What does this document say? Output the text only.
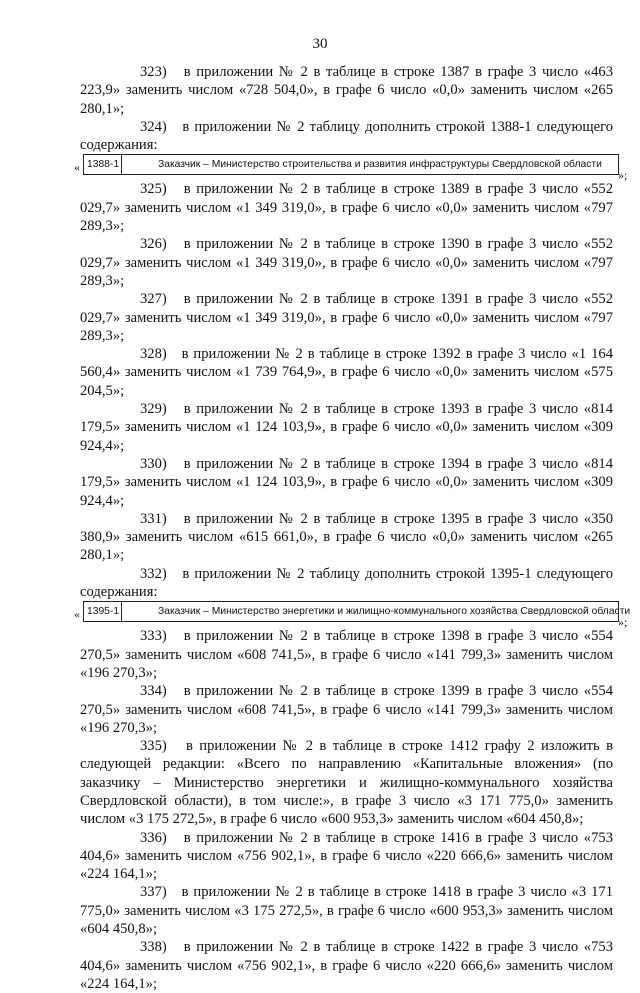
30

323)   в приложении № 2 в таблице в строке 1387 в графе 3 число «463 223,9» заменить числом «728 504,0», в графе 6 число «0,0» заменить числом «265 280,1»;

324)   в приложении № 2 таблицу дополнить строкой 1388-1 следующего содержания:

« 1388-1	Заказчик – Министерство строительства и развития инфраструктуры Свердловской области
»;

325)   в приложении № 2 в таблице в строке 1389 в графе 3 число «552 029,7» заменить числом «1 349 319,0», в графе 6 число «0,0» заменить числом «797 289,3»;

326)   в приложении № 2 в таблице в строке 1390 в графе 3 число «552 029,7» заменить числом «1 349 319,0», в графе 6 число «0,0» заменить числом «797 289,3»;

327)   в приложении № 2 в таблице в строке 1391 в графе 3 число «552 029,7» заменить числом «1 349 319,0», в графе 6 число «0,0» заменить числом «797 289,3»;

328)   в приложении № 2 в таблице в строке 1392 в графе 3 число «1 164 560,4» заменить числом «1 739 764,9», в графе 6 число «0,0» заменить числом «575 204,5»;

329)   в приложении № 2 в таблице в строке 1393 в графе 3 число «814 179,5» заменить числом «1 124 103,9», в графе 6 число «0,0» заменить числом «309 924,4»;

330)   в приложении № 2 в таблице в строке 1394 в графе 3 число «814 179,5» заменить числом «1 124 103,9», в графе 6 число «0,0» заменить числом «309 924,4»;

331)   в приложении № 2 в таблице в строке 1395 в графе 3 число «350 380,9» заменить числом «615 661,0», в графе 6 число «0,0» заменить числом «265 280,1»;

332)   в приложении № 2 таблицу дополнить строкой 1395-1 следующего содержания:

« 1395-1	Заказчик – Министерство энергетики и жилищно-коммунального хозяйства Свердловской области
»;

333)   в приложении № 2 в таблице в строке 1398 в графе 3 число «554 270,5» заменить числом «608 741,5», в графе 6 число «141 799,3» заменить числом «196 270,3»;

334)   в приложении № 2 в таблице в строке 1399 в графе 3 число «554 270,5» заменить числом «608 741,5», в графе 6 число «141 799,3» заменить числом «196 270,3»;

335)   в приложении № 2 в таблице в строке 1412 графу 2 изложить в следующей редакции: «Всего по направлению «Капитальные вложения» (по заказчику – Министерство энергетики и жилищно-коммунального хозяйства Свердловской области), в том числе:», в графе 3 число «3 171 775,0» заменить числом «3 175 272,5», в графе 6 число «600 953,3» заменить числом «604 450,8»;

336)   в приложении № 2 в таблице в строке 1416 в графе 3 число «753 404,6» заменить числом «756 902,1», в графе 6 число «220 666,6» заменить числом «224 164,1»;

337)   в приложении № 2 в таблице в строке 1418 в графе 3 число «3 171 775,0» заменить числом «3 175 272,5», в графе 6 число «600 953,3» заменить числом «604 450,8»;

338)   в приложении № 2 в таблице в строке 1422 в графе 3 число «753 404,6» заменить числом «756 902,1», в графе 6 число «220 666,6» заменить числом «224 164,1»;
